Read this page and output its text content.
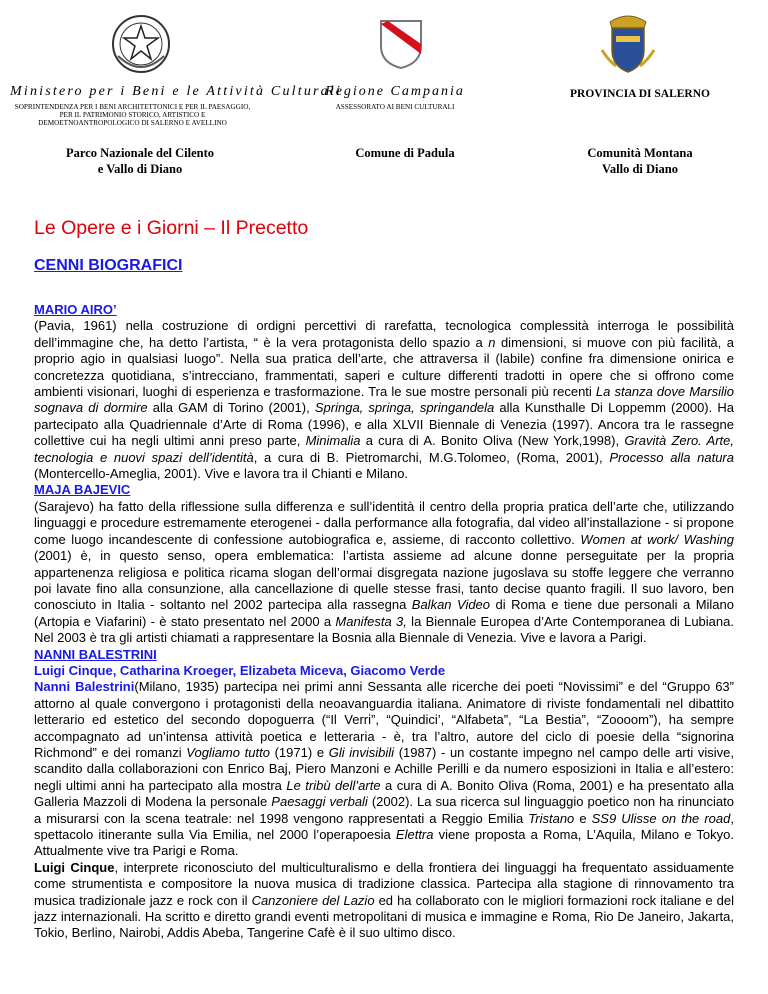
Ministero per i Beni e le Attività Culturali
SOPRINTENDENZA PER I BENI ARCHITETTONICI E PER IL PAESAGGIO, PER IL PATRIMONIO STORICO, ARTISTICO E DEMOETNOANTROPOLOGICO DI SALERNO E AVELLINO
Regione Campania
ASSESSORATO AI BENI CULTURALI
PROVINCIA DI SALERNO
Parco Nazionale del Cilento
e Vallo di Diano
Comune di Padula	Comunità Montana
Vallo di Diano
Le Opere e i Giorni – Il Precetto
CENNI BIOGRAFICI

MARIO AIRO’
(Pavia, 1961) nella costruzione di ordigni percettivi di rarefatta, tecnologica complessità interroga le possibilità dell’immagine che, ha detto l’artista, “ è la vera protagonista dello spazio a n dimensioni, si muove con più facilità, a proprio agio in qualsiasi luogo”. Nella sua pratica dell’arte, che attraversa il (labile) confine fra dimensione onirica e concretezza quotidiana, s’intrecciano, frammentati, saperi e culture differenti tradotti in opere che si offrono come ambienti visionari, luoghi di esperienza e trasformazione. Tra le sue mostre personali più recenti La stanza dove Marsilio sognava di dormire alla GAM di Torino (2001), Springa, springa, springandela alla Kunsthalle Di Loppemm (2000). Ha partecipato alla Quadriennale d’Arte di Roma (1996), e alla XLVII Biennale di Venezia (1997). Ancora tra le rassegne collettive cui ha negli ultimi anni preso parte, Minimalia a cura di A. Bonito Oliva (New York,1998), Gravità Zero. Arte, tecnologia e nuovi spazi dell’identità, a cura di B. Pietromarchi, M.G.Tolomeo, (Roma, 2001), Processo alla natura (Montercello-Ameglia, 2001). Vive e lavora tra il Chianti e Milano.

MAJA BAJEVIC
(Sarajevo) ha fatto della riflessione sulla differenza e sull’identità il centro della propria pratica dell’arte che, utilizzando linguaggi e procedure estremamente eterogenei - dalla performance alla fotografia, dal video all’installazione - si propone come luogo incandescente di confessione autobiografica e, assieme, di racconto collettivo. Women at work/ Washing (2001) è, in questo senso, opera emblematica: l’artista assieme ad alcune donne perseguitate per la propria appartenenza religiosa e politica ricama slogan dell’ormai disgregata nazione jugoslava su stoffe leggere che verranno poi lavate fino alla consunzione, alla cancellazione di quelle stesse frasi, tanto decise quanto fragili. Il suo lavoro, ben conosciuto in Italia - soltanto nel 2002 partecipa alla rassegna Balkan Video di Roma e tiene due personali a Milano (Artopia e Viafarini) - è stato presentato nel 2000 a Manifesta 3, la Biennale Europea d’Arte Contemporanea di Lubiana. Nel 2003 è tra gli artisti chiamati a rappresentare la Bosnia alla Biennale di Venezia. Vive e lavora a Parigi.

NANNI BALESTRINI
Luigi Cinque, Catharina Kroeger, Elizabeta Miceva, Giacomo Verde
Nanni Balestrini(Milano, 1935) partecipa nei primi anni Sessanta alle ricerche dei poeti “Novissimi” e del “Gruppo 63” attorno al quale convergono i protagonisti della neoavanguardia italiana. Animatore di riviste fondamentali nel dibattito letterario ed estetico del secondo dopoguerra (“Il Verri”, “Quindici’, “Alfabeta”, “La Bestia”, “Zoooom”), ha sempre accompagnato ad un’intensa attività poetica e letteraria - è, tra l’altro, autore del ciclo di poesie della “signorina Richmond” e dei romanzi Vogliamo tutto (1971) e Gli invisibili (1987) - un costante impegno nel campo delle arti visive, scandito dalla collaborazioni con Enrico Baj, Piero Manzoni e Achille Perilli e da numero esposizioni in Italia e all’estero: negli ultimi anni ha partecipato alla mostra Le tribù dell’arte a cura di A. Bonito Oliva (Roma, 2001) e ha presentato alla Galleria Mazzoli di Modena la personale Paesaggi verbali (2002). La sua ricerca sul linguaggio poetico non ha rinunciato a misurarsi con la scena teatrale: nel 1998 vengono rappresentati a Reggio Emilia Tristano e SS9 Ulisse on the road, spettacolo itinerante sulla Via Emilia, nel 2000 l’operapoesia Elettra viene proposta a Roma, L’Aquila, Milano e Tokyo. Attualmente vive tra Parigi e Roma.

Luigi Cinque, interprete riconosciuto del multiculturalismo e della frontiera dei linguaggi ha frequentato assiduamente come strumentista e compositore la nuova musica di tradizione classica. Partecipa alla stagione di rinnovamento tra musica tradizionale jazz e rock con il Canzoniere del Lazio ed ha collaborato con le migliori formazioni rock italiane e del jazz internazionali. Ha scritto e diretto grandi eventi metropolitani di musica e immagine e Roma, Rio De Janeiro, Jakarta, Tokio, Berlino, Nairobi, Addis Abeba, Tangerine Cafè è il suo ultimo disco.
